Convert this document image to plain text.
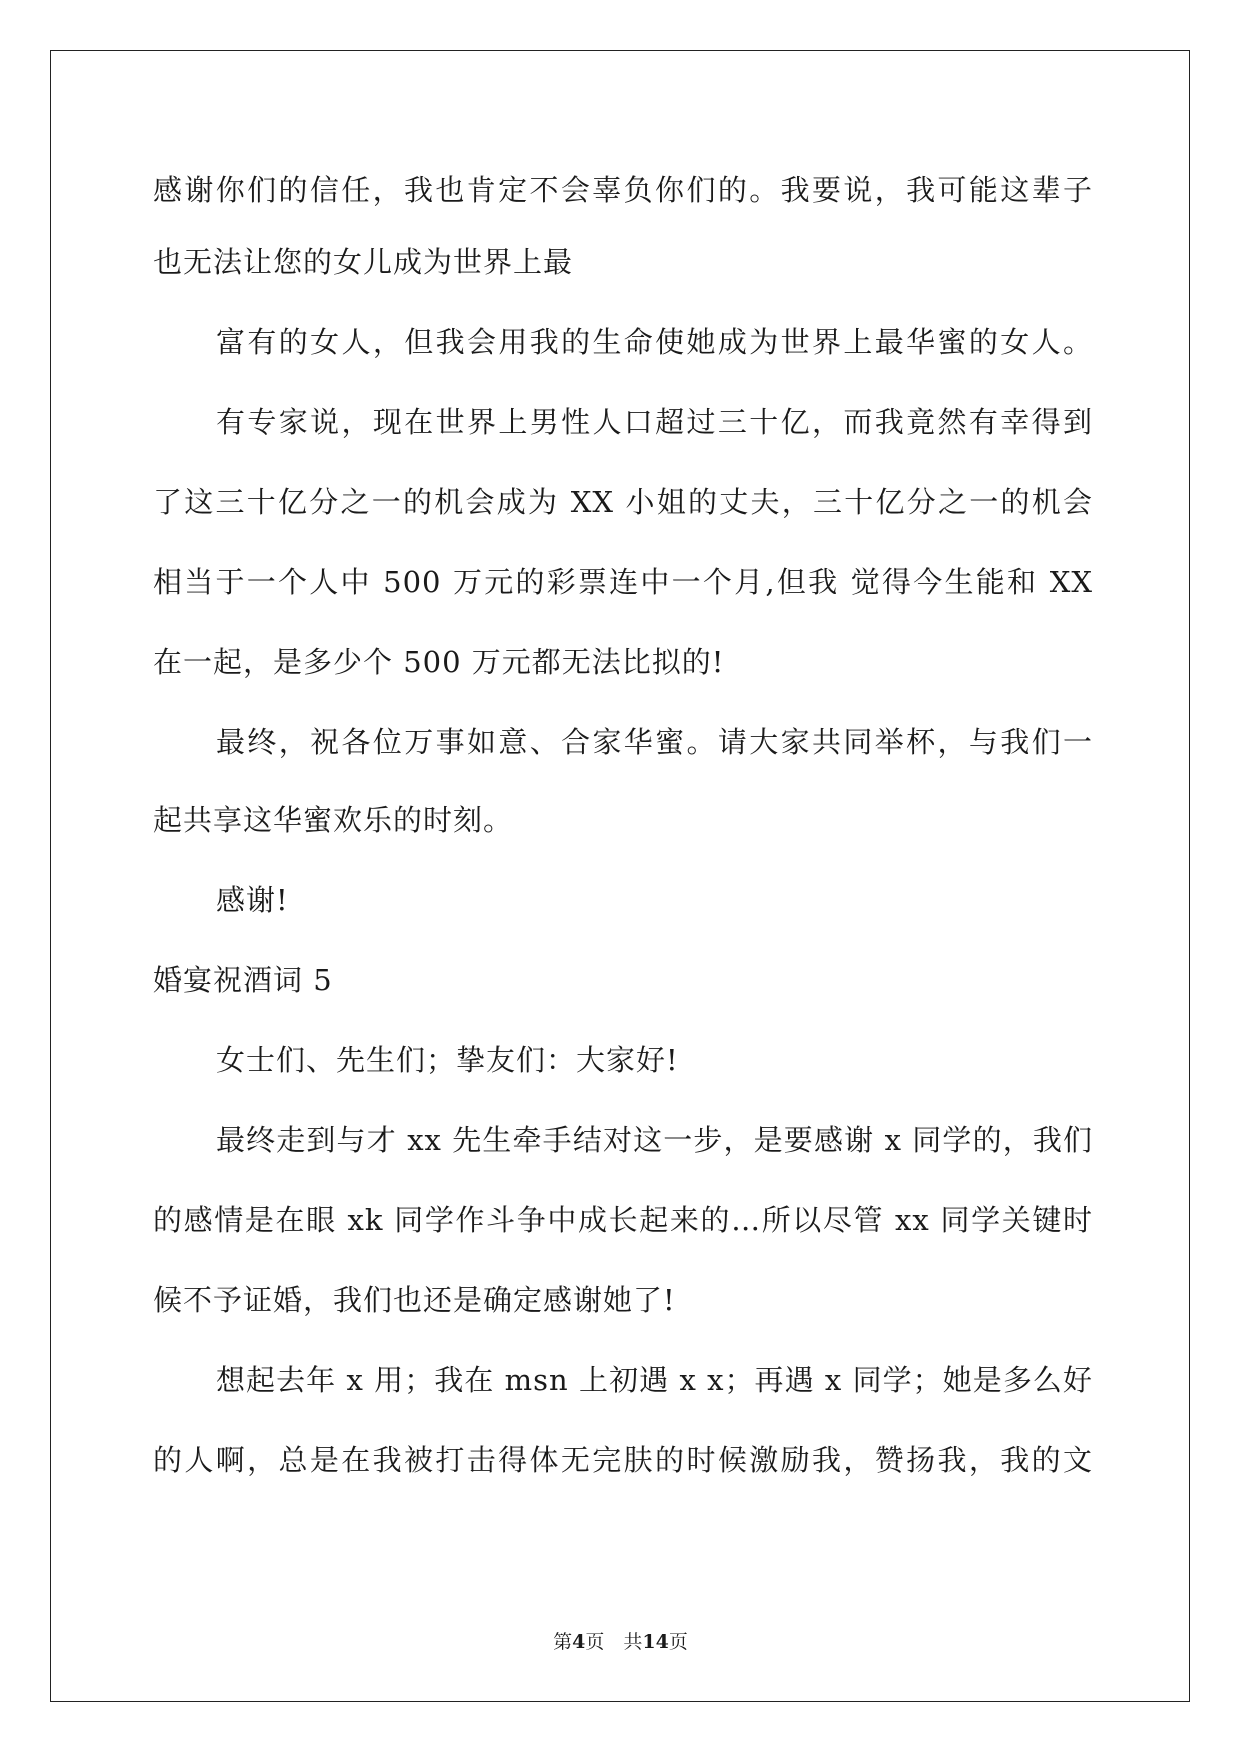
感谢你们的信任，我也肯定不会辜负你们的。我要说，我可能这辈子
也无法让您的女儿成为世界上最
富有的女人，但我会用我的生命使她成为世界上最华蜜的女人。
有专家说，现在世界上男性人口超过三十亿，而我竟然有幸得到
了这三十亿分之一的机会成为 XX 小姐的丈夫，三十亿分之一的机会
相当于一个人中 500 万元的彩票连中一个月,但我 觉得今生能和 XX
在一起，是多少个 500 万元都无法比拟的!
最终，祝各位万事如意、合家华蜜。请大家共同举杯，与我们一
起共享这华蜜欢乐的时刻。
感谢!
婚宴祝酒词 5
女士们、先生们；挚友们：大家好!
最终走到与才 xx 先生牵手结对这一步，是要感谢 x 同学的，我们
的感情是在眼 xk 同学作斗争中成长起来的…所以尽管 xx 同学关键时
候不予证婚，我们也还是确定感谢她了!
想起去年 x 用；我在 msn 上初遇 x x；再遇 x 同学；她是多么好
的人啊，总是在我被打击得体无完肤的时候激励我，赞扬我，我的文
第4页　共14页
